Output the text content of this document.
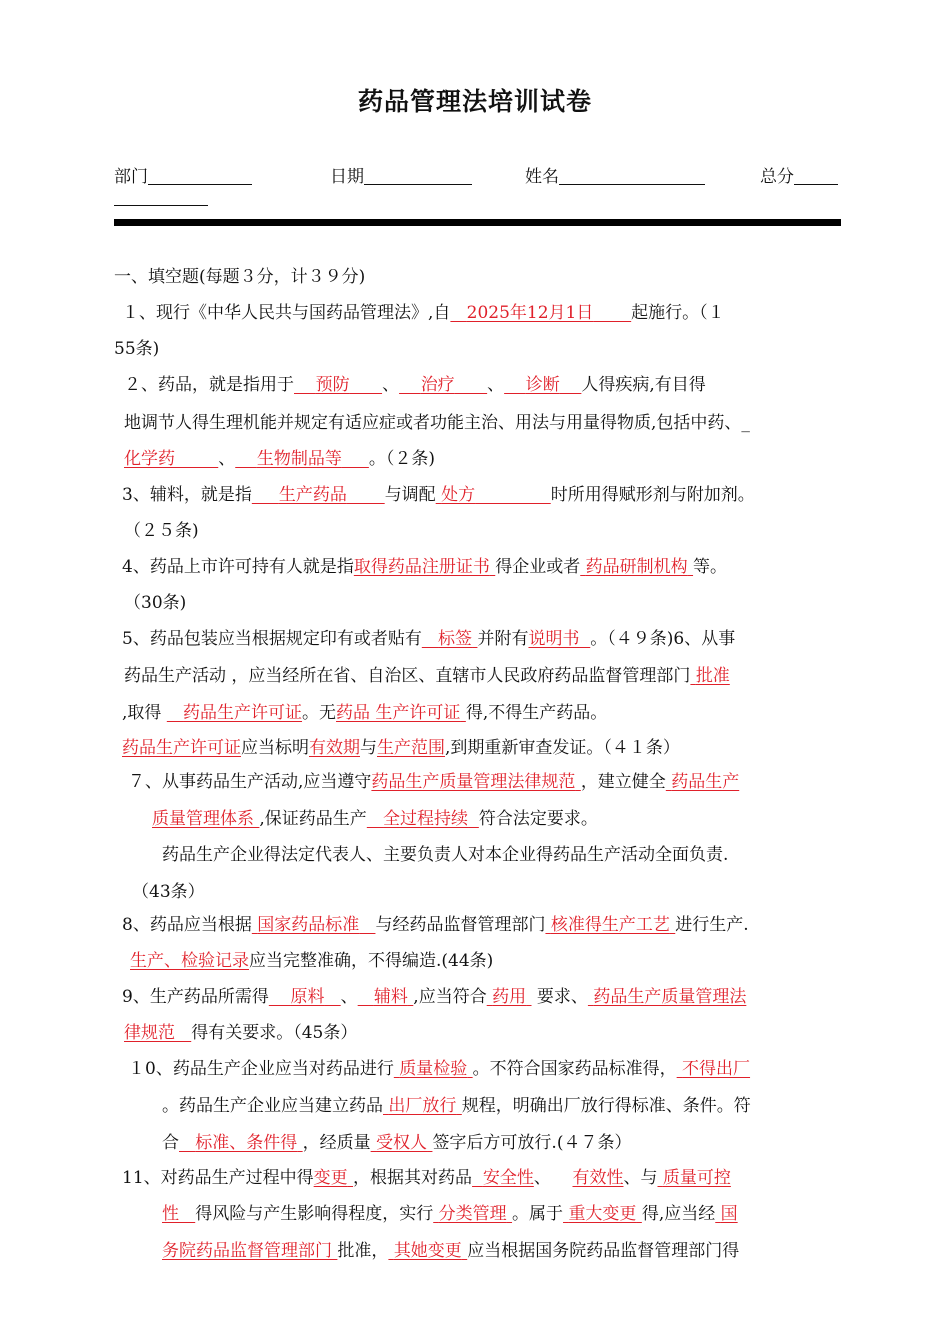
药品管理法培训试卷
部门	日期	姓名	总分
一、填空题(每题３分，计３９分)
１、现行《中华人民共与国药品管理法》,自 2025年12月1日 起施行。（１
55条)
２、药品，就是指用于 预防 、 治疗 、 诊断 人得疾病,有目得
地调节人得生理机能并规定有适应症或者功能主治、用法与用量得物质,包括中药、_
化学药	、 生物制品等 。（２条)
3、辅料，就是指 生产药品 与调配 处方	时所用得赋形剂与附加剂。
（２５条)
4、药品上市许可持有人就是指取得药品注册证书 得企业或者 药品研制机构 等。
（30条)
5、药品包装应当根据规定印有或者贴有 标签 并附有说明书 。（４９条)6、从事
药品生产活动 ，应当经所在省、自治区、直辖市人民政府药品监督管理部门 批准
,取得    药品生产许可证。无药品 生产许可证 得,不得生产药品。
药品生产许可证应当标明有效期与生产范围,到期重新审查发证。（４１条）
７、从事药品生产活动,应当遵守药品生产质量管理法律规范 ，建立健全 药品生产
质量管理体系 ,保证药品生产 全过程持续 符合法定要求。
药品生产企业得法定代表人、主要负责人对本企业得药品生产活动全面负责.
（43条）
8、药品应当根据 国家药品标准 与经药品监督管理部门 核准得生产工艺 进行生产.
生产、检验记录应当完整准确，不得编造.(44条)
9、生产药品所需得 原料 、 辅料 ,应当符合 药用 要求、 药品生产质量管理法
律规范 得有关要求。（45条）
１0、药品生产企业应当对药品进行 质量检验 。不符合国家药品标准得， 不得出厂
。药品生产企业应当建立药品 出厂放行 规程，明确出厂放行得标准、条件。符
合 标准、条件得 ，经质量 受权人 签字后方可放行.(４７条）
11、对药品生产过程中得变更 ，根据其对药品 安全性、 有效性、与 质量可控
性 得风险与产生影响得程度，实行 分类管理 。属于 重大变更 得,应当经 国
务院药品监督管理部门 批准， 其她变更 应当根据国务院药品监督管理部门得
